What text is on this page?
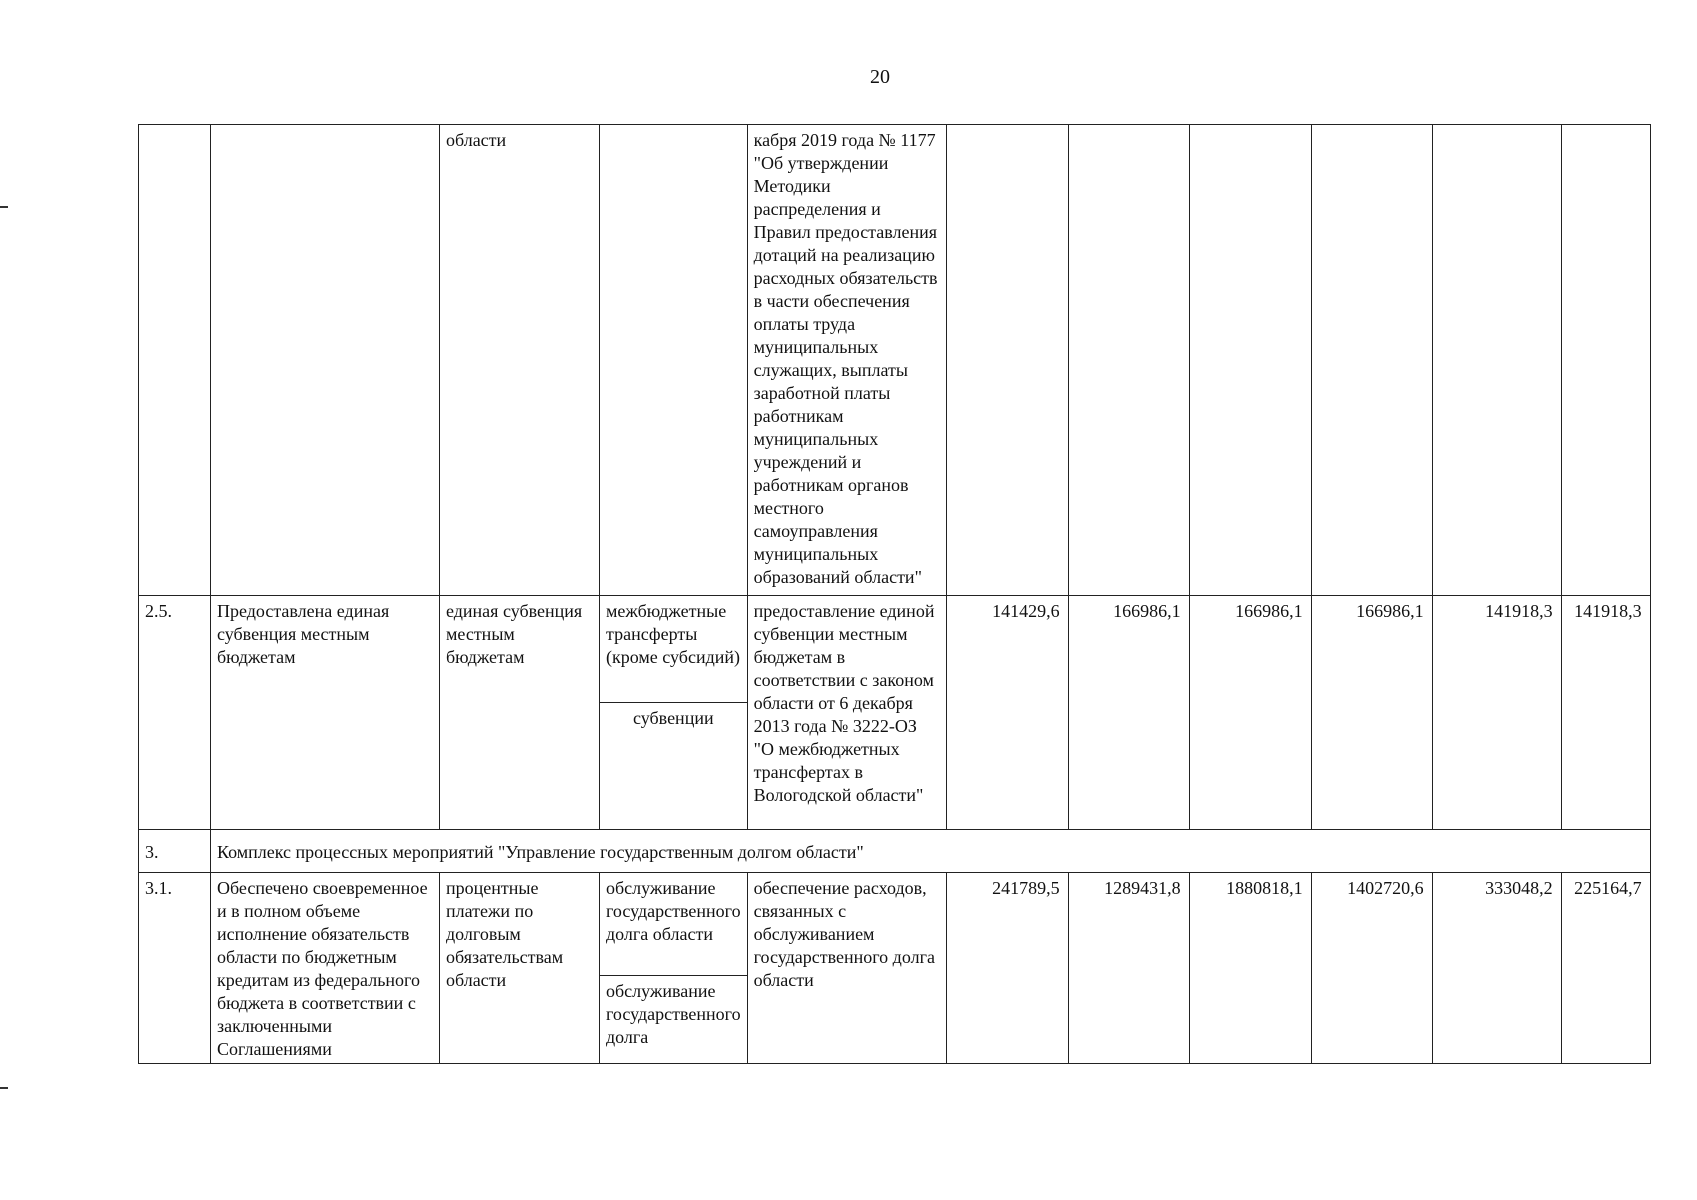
20
		области		кабря 2019 года № 1177 "Об утверждении Методики распределения и Правил предоставления дотаций на реализацию расходных обязательств в части обеспечения оплаты труда муниципальных служащих, выплаты заработной платы работникам муниципальных учреждений и работникам органов местного самоуправления муниципальных образований области"						
2.5.	Предоставлена единая субвенция местным бюджетам	единая субвенция местным бюджетам	межбюджетные трансферты (кроме субсидий)	предоставление единой субвенции местным бюджетам в соответствии с законом области от 6 декабря 2013 года № 3222-ОЗ "О межбюджетных трансфертах в Вологодской области"	141429,6	166986,1	166986,1	166986,1	141918,3	141918,3
			субвенции							
3.	Комплекс процессных мероприятий "Управление государственным долгом области"									
3.1.	Обеспечено своевременное и в полном объеме исполнение обязательств области по бюджетным кредитам из федерального бюджета в соответствии с заключенными Соглашениями	процентные платежи по долговым обязательствам области	обслуживание государственного долга области	обеспечение расходов, связанных с обслуживанием государственного долга области	241789,5	1289431,8	1880818,1	1402720,6	333048,2	225164,7
			обслуживание государственного долга							
